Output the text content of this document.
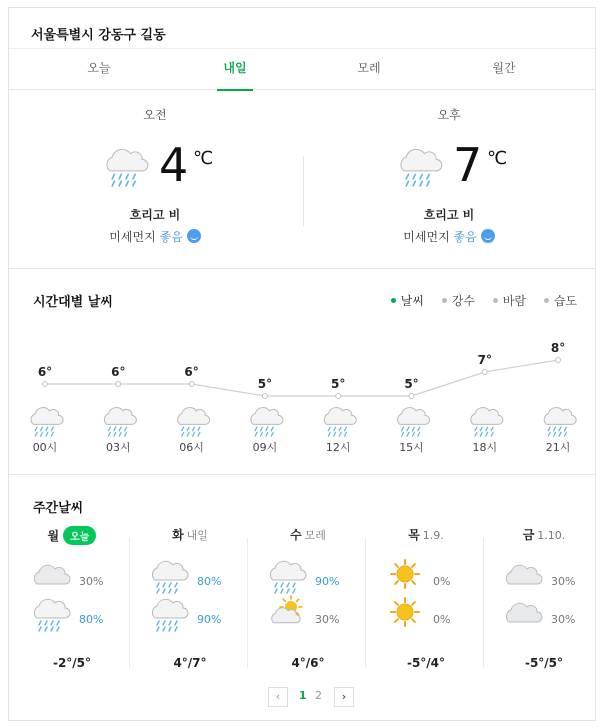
서울특별시 강동구 길동
오늘	내일	모레	월간
오전
4 ℃
흐리고 비
미세먼지 좋음
오후
7 ℃
흐리고 비
미세먼지 좋음
시간대별 날씨	날씨 강수 바람 습도
주간날씨
월 오늘
30%
80%
-2°/5°
화 내일
80%
90%
4°/7°
수 모레
90%
30%
4°/6°
목 1.9.
0%
0%
-5°/4°
금 1.10.
30%
30%
-5°/5°
‹	1 2	›
6°
00시
6°
03시
6°
06시
5°
09시
5°
12시
5°
15시
7°
18시
8°
21시
